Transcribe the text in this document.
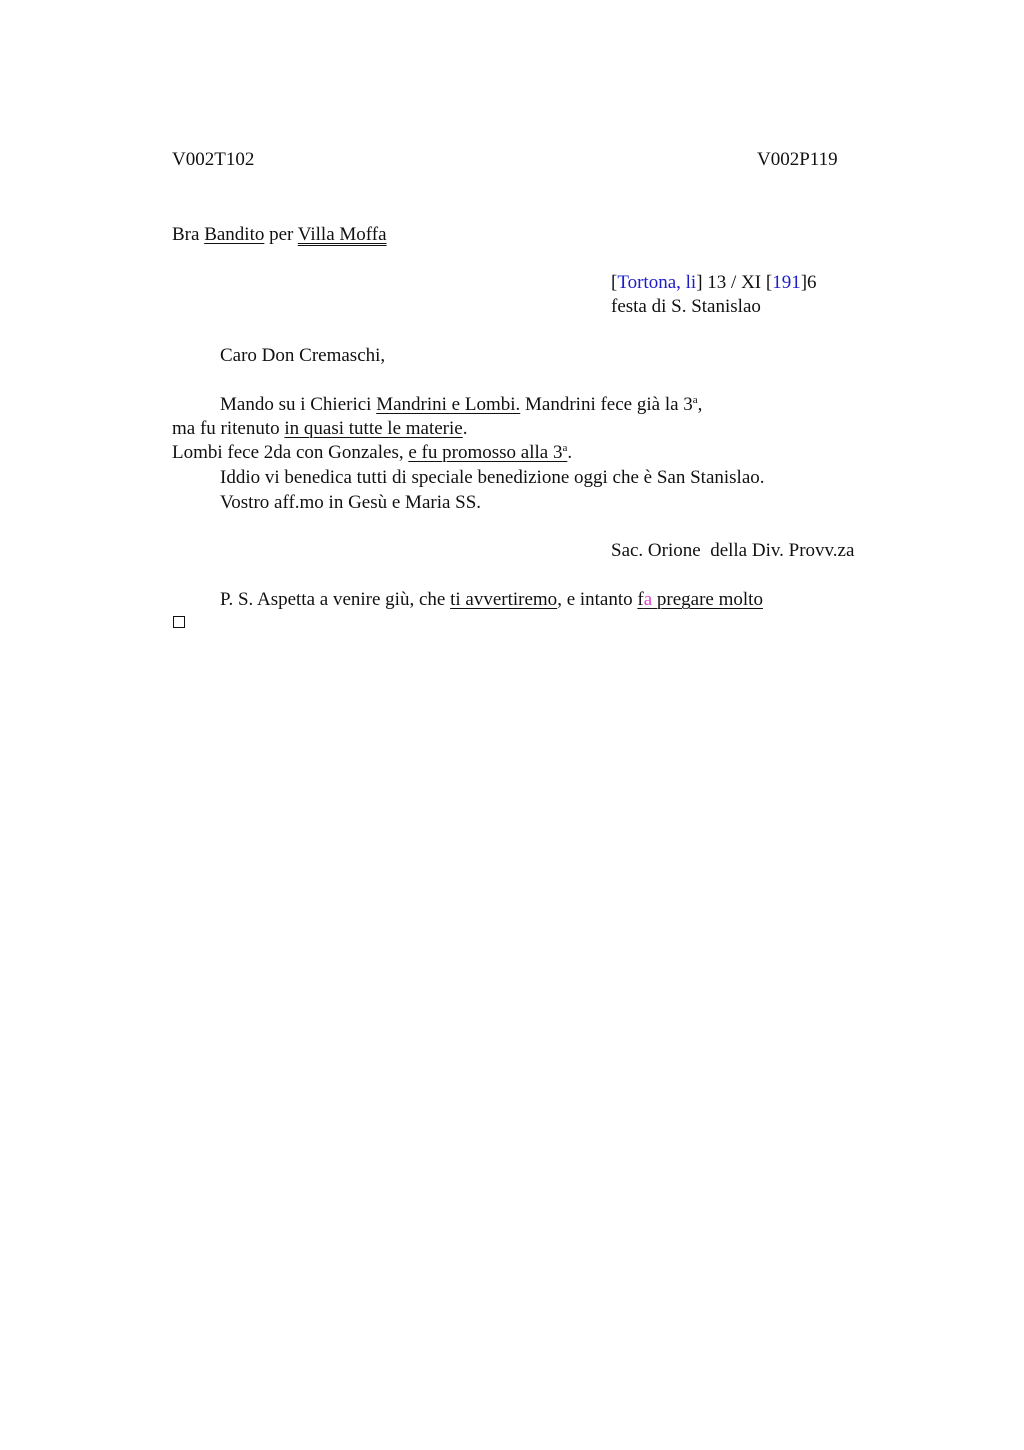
V002T102	V002P119
Bra Bandito per Villa Moffa
[Tortona, li] 13 / XI [191]6
festa di S. Stanislao
Caro Don Cremaschi,
Mando su i Chierici Mandrini e Lombi. Mandrini fece già la 3$^a$,
ma fu ritenuto in quasi tutte le materie.
Lombi fece 2da con Gonzales, e fu promosso alla 3$^a$.
Iddio vi benedica tutti di speciale benedizione oggi che è San Stanislao.
Vostro aff.mo in Gesù e Maria SS.
Sac. Orione  della Div. Provv.za
P. S. Aspetta a venire giù, che ti avvertiremo, e intanto fa pregare molto
